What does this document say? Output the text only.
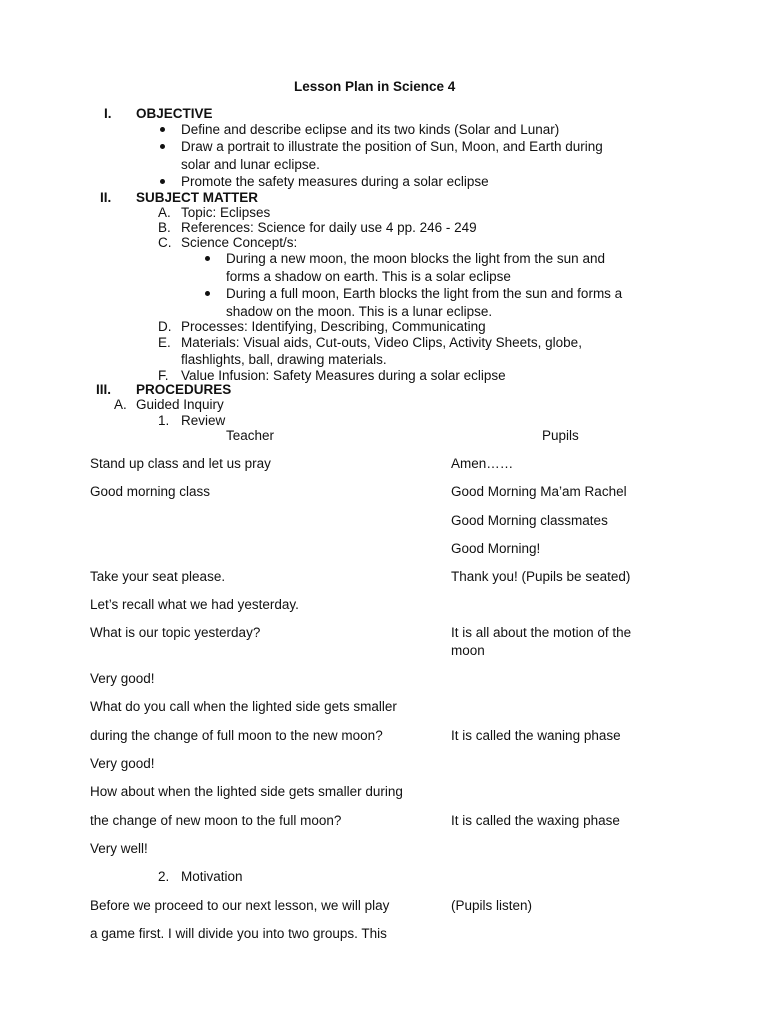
Lesson Plan in Science 4
I. OBJECTIVE
Define and describe eclipse and its two kinds (Solar and Lunar)
Draw a portrait to illustrate the position of Sun, Moon, and Earth during
solar and lunar eclipse.
Promote the safety measures during a solar eclipse
II. SUBJECT MATTER
A. Topic: Eclipses
B. References: Science for daily use 4 pp. 246 - 249
C. Science Concept/s:
During a new moon, the moon blocks the light from the sun and
forms a shadow on earth. This is a solar eclipse
During a full moon, Earth blocks the light from the sun and forms a
shadow on the moon. This is a lunar eclipse.
D. Processes: Identifying, Describing, Communicating
E. Materials: Visual aids, Cut-outs, Video Clips, Activity Sheets, globe,
flashlights, ball, drawing materials.
F. Value Infusion: Safety Measures during a solar eclipse
III. PROCEDURES
A. Guided Inquiry
1. Review
Teacher	Pupils
Stand up class and let us pray
Good morning class
Take your seat please.
Let’s recall what we had yesterday.
What is our topic yesterday?
Very good!
What do you call when the lighted side gets smaller
during the change of full moon to the new moon?
Very good!
How about when the lighted side gets smaller during
the change of new moon to the full moon?
Very well!
2. Motivation
Before we proceed to our next lesson, we will play
a game first. I will divide you into two groups. This
Amen……
Good Morning Ma’am Rachel
Good Morning classmates
Good Morning!
Thank you! (Pupils be seated)
It is all about the motion of the
moon
It is called the waning phase
It is called the waxing phase
(Pupils listen)
